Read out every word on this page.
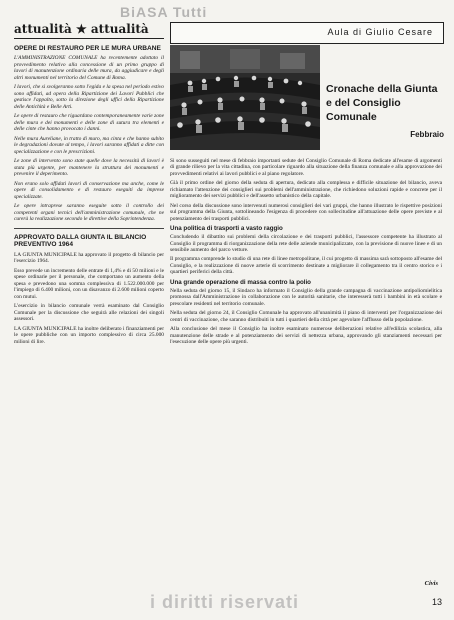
BiASA Tutti
attualità ★ attualità
OPERE DI RESTAURO PER LE MURA URBANE

L'AMMINISTRAZIONE COMUNALE ha recentemente adottato il provvedimento relativo alla concessione di un primo gruppo di lavori di manutenzione ordinaria delle mura, da aggiudicare e degli altri monumenti nel territorio del Comune di Roma.

I lavori, che si svolgeranno sotto l'egida e la spesa nel periodo estivo sono affidati, ad opera della Ripartizione dei Lavori Pubblici che gestisce l'appalto, sotto la direzione degli uffici della Ripartizione delle Antichità e Belle Arti.

Le opere di restauro che riguardano contemporaneamente varie zone delle mura e dei monumenti e delle zone di sutura tra elementi e delle cinte che hanno provocato i danni.

Nelle mura Aureliane, in tratto di muro, ma cinta e che hanno subito le degradazioni dovute al tempo, i lavori saranno affidati a ditte con specializzazione e con le prescrizioni.

Le zone di intervento sono state quelle dove la necessità di lavori è stata più urgente, per mantenere la struttura dei monumenti e prevenire il deperimento.

Non erano solo affidati lavori di conservazione ma anche, come le opere di consolidamento e di restauro eseguiti da imprese specializzate.

Le opere intraprese saranno eseguite sotto il controllo dei competenti organi tecnici dell'amministrazione comunale, che ne curerà la realizzazione secondo le direttive della Soprintendenza.

APPROVATO DALLA GIUNTA IL BILANCIO PREVENTIVO 1964

LA GIUNTA MUNICIPALE ha approvato il progetto di bilancio per l'esercizio 1964.

Esso prevede un incremento delle entrate di 1,4% e di 50 milioni e le spese ordinarie per il personale, che comportano un aumento della spesa e prevedono una somma complessiva di 1.522.000.000 per l'impiego di 6.400 milioni, con un disavanzo di 2.600 milioni coperto con mutui.

L'esercizio in bilancio comunale verrà esaminato dal Consiglio Comunale per la discussione che seguirà alle relazioni dei singoli assessori.

LA GIUNTA MUNICIPALE ha inoltre deliberato i finanziamenti per le opere pubbliche con un importo complessivo di circa 25.000 milioni di lire.

Aula di Giulio Cesare
Cronache della Giunta
e del Consiglio Comunale
Febbraio

Si sono susseguiti nel mese di febbraio importanti sedute del Consiglio Comunale di Roma dedicate all'esame di argomenti di grande rilievo per la vita cittadina, con particolare riguardo alla situazione della finanza comunale e alla approvazione dei provvedimenti relativi ai lavori pubblici e al piano regolatore.

Già il primo ordine del giorno della seduta di apertura, dedicato alla complessa e difficile situazione del bilancio, aveva richiamato l'attenzione dei consiglieri sui problemi dell'amministrazione, che richiedono soluzioni rapide e concrete per il miglioramento dei servizi pubblici e dell'assetto urbanistico della capitale.

Nel corso della discussione sono intervenuti numerosi consiglieri dei vari gruppi, che hanno illustrato le rispettive posizioni sul programma della Giunta, sottolineando l'esigenza di procedere con sollecitudine all'attuazione delle opere previste e al potenziamento dei trasporti pubblici.

Una politica di trasporti a vasto raggio

Concludendo il dibattito sui problemi della circolazione e dei trasporti pubblici, l'assessore competente ha illustrato al Consiglio il programma di riorganizzazione della rete delle aziende municipalizzate, con la previsione di nuove linee e di un sensibile aumento del parco vetture.

Il programma comprende lo studio di una rete di linee metropolitane, il cui progetto di massima sarà sottoposto all'esame del Consiglio, e la realizzazione di nuove arterie di scorrimento destinate a migliorare il collegamento tra il centro storico e i quartieri periferici della città.

Una grande operazione di massa contro la polio

Nella seduta del giorno 15, il Sindaco ha informato il Consiglio della grande campagna di vaccinazione antipoliomielitica promossa dall'Amministrazione in collaborazione con le autorità sanitarie, che interesserà tutti i bambini in età scolare e prescolare residenti nel territorio comunale.

Nella seduta del giorno 24, il Consiglio Comunale ha approvato all'unanimità il piano di interventi per l'organizzazione dei centri di vaccinazione, che saranno distribuiti in tutti i quartieri della città per agevolare l'afflusso della popolazione.

Alla conclusione del mese il Consiglio ha inoltre esaminato numerose deliberazioni relative all'edilizia scolastica, alla manutenzione delle strade e al potenziamento dei servizi di nettezza urbana, approvando gli stanziamenti necessari per l'esecuzione delle opere più urgenti.

Civis
i diritti riservati	13
